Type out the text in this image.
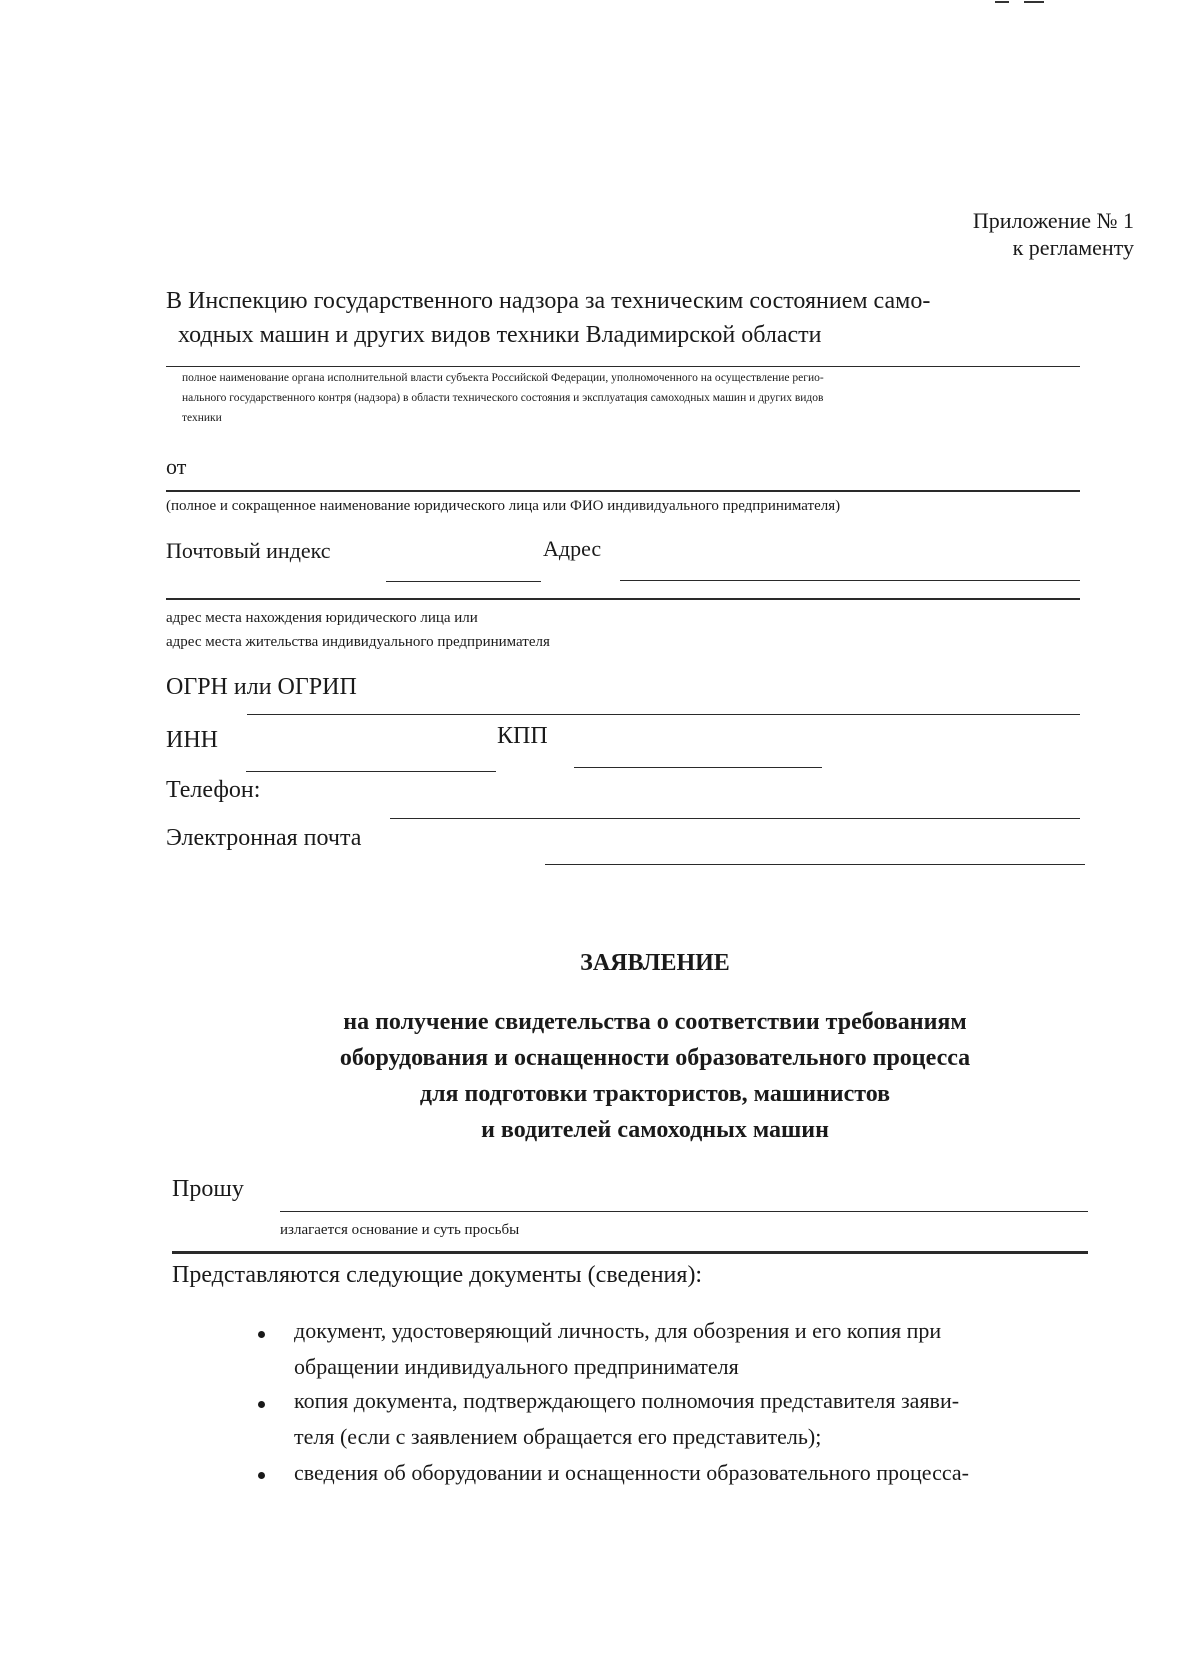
Приложение № 1
к регламенту
В Инспекцию государственного надзора за техническим состоянием само-
ходных машин и других видов техники Владимирской области
полное наименование органа исполнительной власти субъекта Российской Федерации, уполномоченного на осуществление регио-
нального государственного контря (надзора) в области технического состояния и эксплуатация самоходных машин и других видов
техники
от
(полное и сокращенное наименование юридического лица или ФИО индивидуального предпринимателя)
Почтовый индекс	Адрес
адрес места нахождения юридического лица или
адрес места жительства индивидуального предпринимателя
ОГРН или ОГРИП
ИНН	КПП
Телефон:
Электронная почта
ЗАЯВЛЕНИЕ
на получение свидетельства о соответствии требованиям
оборудования и оснащенности образовательного процесса
для подготовки трактористов, машинистов
и водителей самоходных машин
Прошу
излагается основание и суть просьбы
Представляются следующие документы (сведения):
документ, удостоверяющий личность, для обозрения и его копия при
обращении индивидуального предпринимателя
копия документа, подтверждающего полномочия представителя заяви-
теля (если с заявлением обращается его представитель);
сведения об оборудовании и оснащенности образовательного процесса-
